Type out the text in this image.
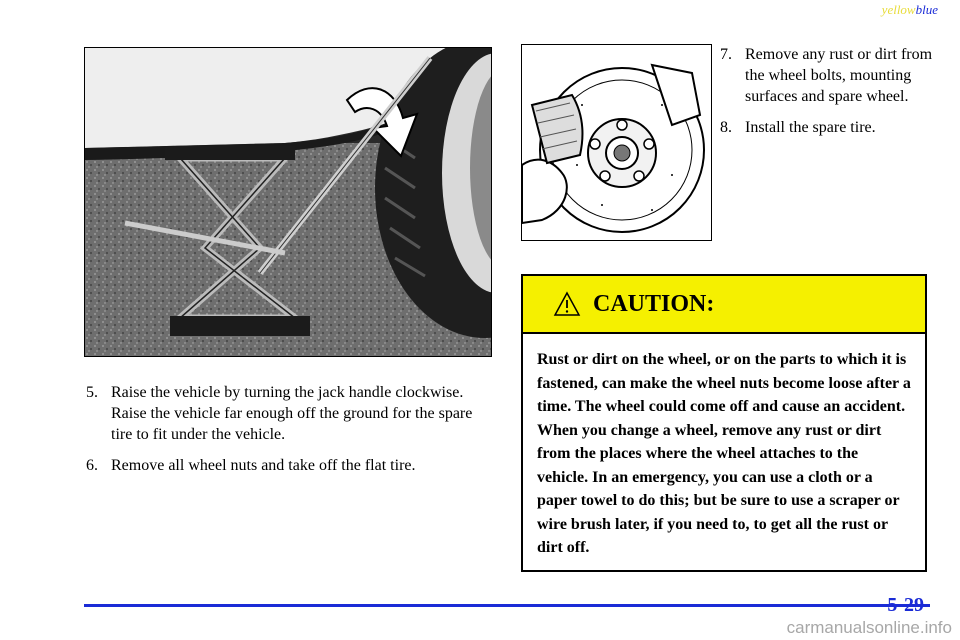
yellowblue
5. Raise the vehicle by turning the jack handle clockwise. Raise the vehicle far enough off the ground for the spare tire to fit under the vehicle.
6. Remove all wheel nuts and take off the flat tire.
7. Remove any rust or dirt from the wheel bolts, mounting surfaces and spare wheel.
8. Install the spare tire.
CAUTION:
Rust or dirt on the wheel, or on the parts to which it is fastened, can make the wheel nuts become loose after a time. The wheel could come off and cause an accident. When you change a wheel, remove any rust or dirt from the places where the wheel attaches to the vehicle. In an emergency, you can use a cloth or a paper towel to do this; but be sure to use a scraper or wire brush later, if you need to, to get all the rust or dirt off.
5-29
carmanualsonline.info
